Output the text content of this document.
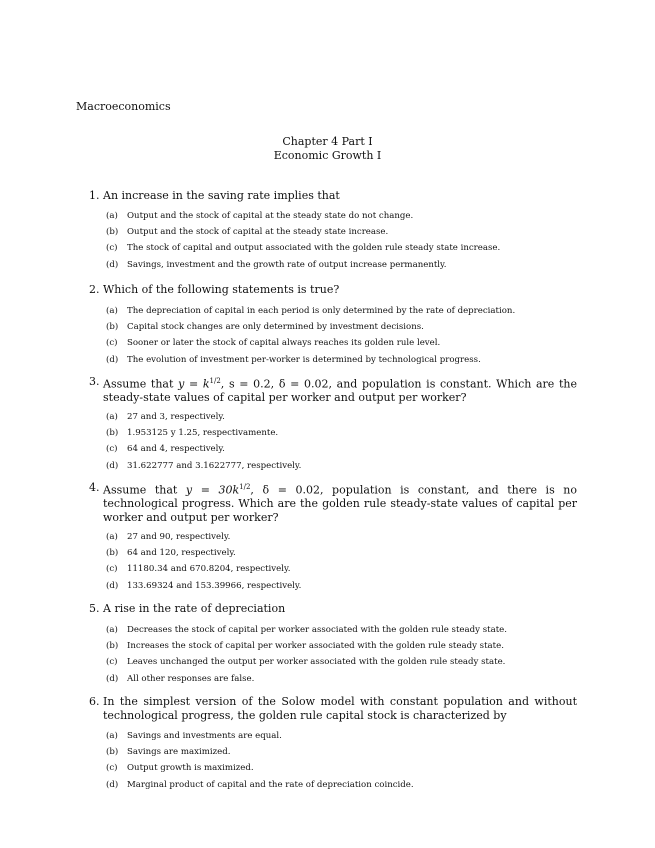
Macroeconomics
Chapter 4 Part I
Economic Growth I
1. An increase in the saving rate implies that
(a) Output and the stock of capital at the steady state do not change.
(b) Output and the stock of capital at the steady state increase.
(c) The stock of capital and output associated with the golden rule steady state increase.
(d) Savings, investment and the growth rate of output increase permanently.
2. Which of the following statements is true?
(a) The depreciation of capital in each period is only determined by the rate of depreciation.
(b) Capital stock changes are only determined by investment decisions.
(c) Sooner or later the stock of capital always reaches its golden rule level.
(d) The evolution of investment per-worker is determined by technological progress.
3. Assume that $y = k^{1/2}$, s = 0.2, δ = 0.02, and population is constant. Which are the steady-state values of capital per worker and output per worker?
(a) 27 and 3, respectively.
(b) 1.953125 y 1.25, respectivamente.
(c) 64 and 4, respectively.
(d) 31.622777 and 3.1622777, respectively.
4. Assume that $y = 30k^{1/2}$, δ = 0.02, population is constant, and there is no technological progress. Which are the golden rule steady-state values of capital per worker and output per worker?
(a) 27 and 90, respectively.
(b) 64 and 120, respectively.
(c) 11180.34 and 670.8204, respectively.
(d) 133.69324 and 153.39966, respectively.
5. A rise in the rate of depreciation
(a) Decreases the stock of capital per worker associated with the golden rule steady state.
(b) Increases the stock of capital per worker associated with the golden rule steady state.
(c) Leaves unchanged the output per worker associated with the golden rule steady state.
(d) All other responses are false.
6. In the simplest version of the Solow model with constant population and without technological progress, the golden rule capital stock is characterized by
(a) Savings and investments are equal.
(b) Savings are maximized.
(c) Output growth is maximized.
(d) Marginal product of capital and the rate of depreciation coincide.
